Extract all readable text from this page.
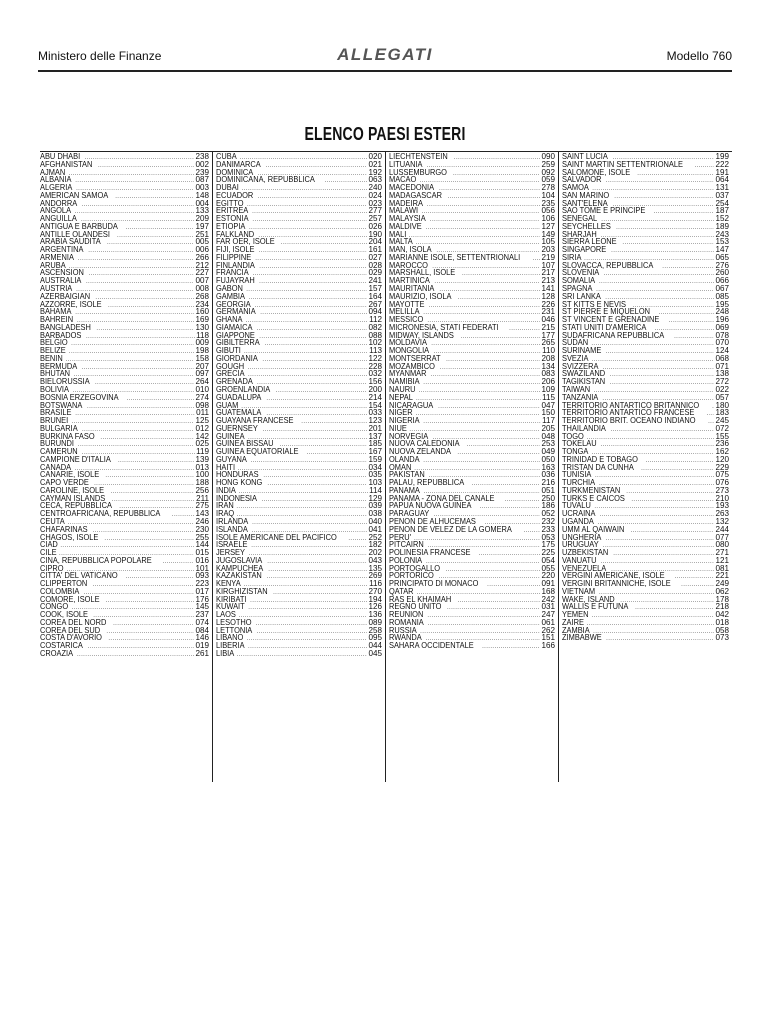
Ministero delle Finanze	ALLEGATI	Modello 760
ELENCO PAESI ESTERI
ABU DHABI .....	238
AFGHANISTAN .....	002
AJMAN .....	239
ALBANIA .....	087
ALGERIA .....	003
AMERICAN SAMOA .....	148
ANDORRA .....	004
ANGOLA .....	133
ANGUILLA .....	209
ANTIGUA E BARBUDA .....	197
ANTILLE OLANDESI .....	251
ARABIA SAUDITA .....	005
ARGENTINA .....	006
ARMENIA .....	266
ARUBA .....	212
ASCENSION .....	227
AUSTRALIA .....	007
AUSTRIA .....	008
AZERBAIGIAN .....	268
AZZORRE, ISOLE .....	234
BAHAMA .....	160
BAHREIN .....	169
BANGLADESH .....	130
BARBADOS .....	118
BELGIO .....	009
BELIZE .....	198
BENIN .....	158
BERMUDA .....	207
BHUTAN .....	097
BIELORUSSIA .....	264
BOLIVIA .....	010
BOSNIA ERZEGOVINA .....	274
BOTSWANA .....	098
BRASILE .....	011
BRUNEI .....	125
BULGARIA .....	012
BURKINA FASO .....	142
BURUNDI .....	025
CAMERUN .....	119
CAMPIONE D'ITALIA .....	139
CANADA .....	013
CANARIE, ISOLE .....	100
CAPO VERDE .....	188
CAROLINE, ISOLE .....	256
CAYMAN ISLANDS .....	211
CECA, REPUBBLICA .....	275
CENTROAFRICANA, REPUBBLICA .....	143
CEUTA .....	246
CHAFARINAS .....	230
CHAGOS, ISOLE .....	255
CIAD .....	144
CILE .....	015
CINA, REPUBBLICA POPOLARE .....	016
CIPRO .....	101
CITTA' DEL VATICANO .....	093
CLIPPERTON .....	223
COLOMBIA .....	017
COMORE, ISOLE .....	176
CONGO .....	145
COOK, ISOLE .....	237
COREA DEL NORD .....	074
COREA DEL SUD .....	084
COSTA D'AVORIO .....	146
COSTARICA .....	019
CROAZIA .....	261
CUBA .....	020
DANIMARCA .....	021
DOMINICA .....	192
DOMINICANA, REPUBBLICA .....	063
DUBAI .....	240
ECUADOR .....	024
EGITTO .....	023
ERITREA .....	277
ESTONIA .....	257
ETIOPIA .....	026
FALKLAND .....	190
FAR OER, ISOLE .....	204
FIJI, ISOLE .....	161
FILIPPINE .....	027
FINLANDIA .....	028
FRANCIA .....	029
FUJAYRAH .....	241
GABON .....	157
GAMBIA .....	164
GEORGIA .....	267
GERMANIA .....	094
GHANA .....	112
GIAMAICA .....	082
GIAPPONE .....	088
GIBILTERRA .....	102
GIBUTI .....	113
GIORDANIA .....	122
GOUGH .....	228
GRECIA .....	032
GRENADA .....	156
GROENLANDIA .....	200
GUADALUPA .....	214
GUAM .....	154
GUATEMALA .....	033
GUAYANA FRANCESE .....	123
GUERNSEY .....	201
GUINEA .....	137
GUINEA BISSAU .....	185
GUINEA EQUATORIALE .....	167
GUYANA .....	159
HAITI .....	034
HONDURAS .....	035
HONG KONG .....	103
INDIA .....	114
INDONESIA .....	129
IRAN .....	039
IRAQ .....	038
IRLANDA .....	040
ISLANDA .....	041
ISOLE AMERICANE DEL PACIFICO .....	252
ISRAELE .....	182
JERSEY .....	202
JUGOSLAVIA .....	043
KAMPUCHEA .....	135
KAZAKISTAN .....	269
KENYA .....	116
KIRGHIZISTAN .....	270
KIRIBATI .....	194
KUWAIT .....	126
LAOS .....	136
LESOTHO .....	089
LETTONIA .....	258
LIBANO .....	095
LIBERIA .....	044
LIBIA .....	045
LIECHTENSTEIN .....	090
LITUANIA .....	259
LUSSEMBURGO .....	092
MACAO .....	059
MACEDONIA .....	278
MADAGASCAR .....	104
MADEIRA .....	235
MALAWI .....	056
MALAYSIA .....	106
MALDIVE .....	127
MALI .....	149
MALTA .....	105
MAN, ISOLA .....	203
MARIANNE ISOLE, SETTENTRIONALI .....	219
MAROCCO .....	107
MARSHALL, ISOLE .....	217
MARTINICA .....	213
MAURITANIA .....	141
MAURIZIO, ISOLA .....	128
MAYOTTE .....	226
MELILLA .....	231
MESSICO .....	046
MICRONESIA, STATI FEDERATI .....	215
MIDWAY, ISLANDS .....	177
MOLDAVIA .....	265
MONGOLIA .....	110
MONTSERRAT .....	208
MOZAMBICO .....	134
MYANMAR .....	083
NAMIBIA .....	206
NAURU .....	109
NEPAL .....	115
NICARAGUA .....	047
NIGER .....	150
NIGERIA .....	117
NIUE .....	205
NORVEGIA .....	048
NUOVA CALEDONIA .....	253
NUOVA ZELANDA .....	049
OLANDA .....	050
OMAN .....	163
PAKISTAN .....	036
PALAU, REPUBBLICA .....	216
PANAMA .....	051
PANAMA - ZONA DEL CANALE .....	250
PAPUA NUOVA GUINEA .....	186
PARAGUAY .....	052
PENON DE ALHUCEMAS .....	232
PENON DE VELEZ DE LA GOMERA .....	233
PERU' .....	053
PITCAIRN .....	175
POLINESIA FRANCESE .....	225
POLONIA .....	054
PORTOGALLO .....	055
PORTORICO .....	220
PRINCIPATO DI MONACO .....	091
QATAR .....	168
RAS EL KHAIMAH .....	242
REGNO UNITO .....	031
REUNION .....	247
ROMANIA .....	061
RUSSIA .....	262
RWANDA .....	151
SAHARA OCCIDENTALE .....	166
SAINT LUCIA .....	199
SAINT MARTIN SETTENTRIONALE .....	222
SALOMONE, ISOLE .....	191
SALVADOR .....	064
SAMOA .....	131
SAN MARINO .....	037
SANT'ELENA .....	254
SAO TOME E PRINCIPE .....	187
SENEGAL .....	152
SEYCHELLES .....	189
SHARJAH .....	243
SIERRA LEONE .....	153
SINGAPORE .....	147
SIRIA .....	065
SLOVACCA, REPUBBLICA .....	276
SLOVENIA .....	260
SOMALIA .....	066
SPAGNA .....	067
SRI LANKA .....	085
ST KITTS E NEVIS .....	195
ST PIERRE E MIQUELON .....	248
ST VINCENT E GRENADINE .....	196
STATI UNITI D'AMERICA .....	069
SUDAFRICANA REPUBBLICA .....	078
SUDAN .....	070
SURINAME .....	124
SVEZIA .....	068
SVIZZERA .....	071
SWAZILAND .....	138
TAGIKISTAN .....	272
TAIWAN .....	022
TANZANIA .....	057
TERRITORIO ANTARTICO BRITANNICO ..... 180
TERRITORIO ANTARTICO FRANCESE .....	183
TERRITORIO BRIT. OCEANO INDIANO ..... 245
THAILANDIA .....	072
TOGO .....	155
TOKELAU .....	236
TONGA .....	162
TRINIDAD E TOBAGO .....	120
TRISTAN DA CUNHA .....	229
TUNISIA .....	075
TURCHIA .....	076
TURKMENISTAN .....	273
TURKS E CAICOS .....	210
TUVALU .....	193
UCRAINA .....	263
UGANDA .....	132
UMM AL QAIWAIN .....	244
UNGHERIA .....	077
URUGUAY .....	080
UZBEKISTAN .....	271
VANUATU .....	121
VENEZUELA .....	081
VERGINI AMERICANE, ISOLE .....	221
VERGINI BRITANNICHE, ISOLE .....	249
VIETNAM .....	062
WAKE, ISLAND .....	178
WALLIS E FUTUNA .....	218
YEMEN .....	042
ZAIRE .....	018
ZAMBIA .....	058
ZIMBABWE .....	073
